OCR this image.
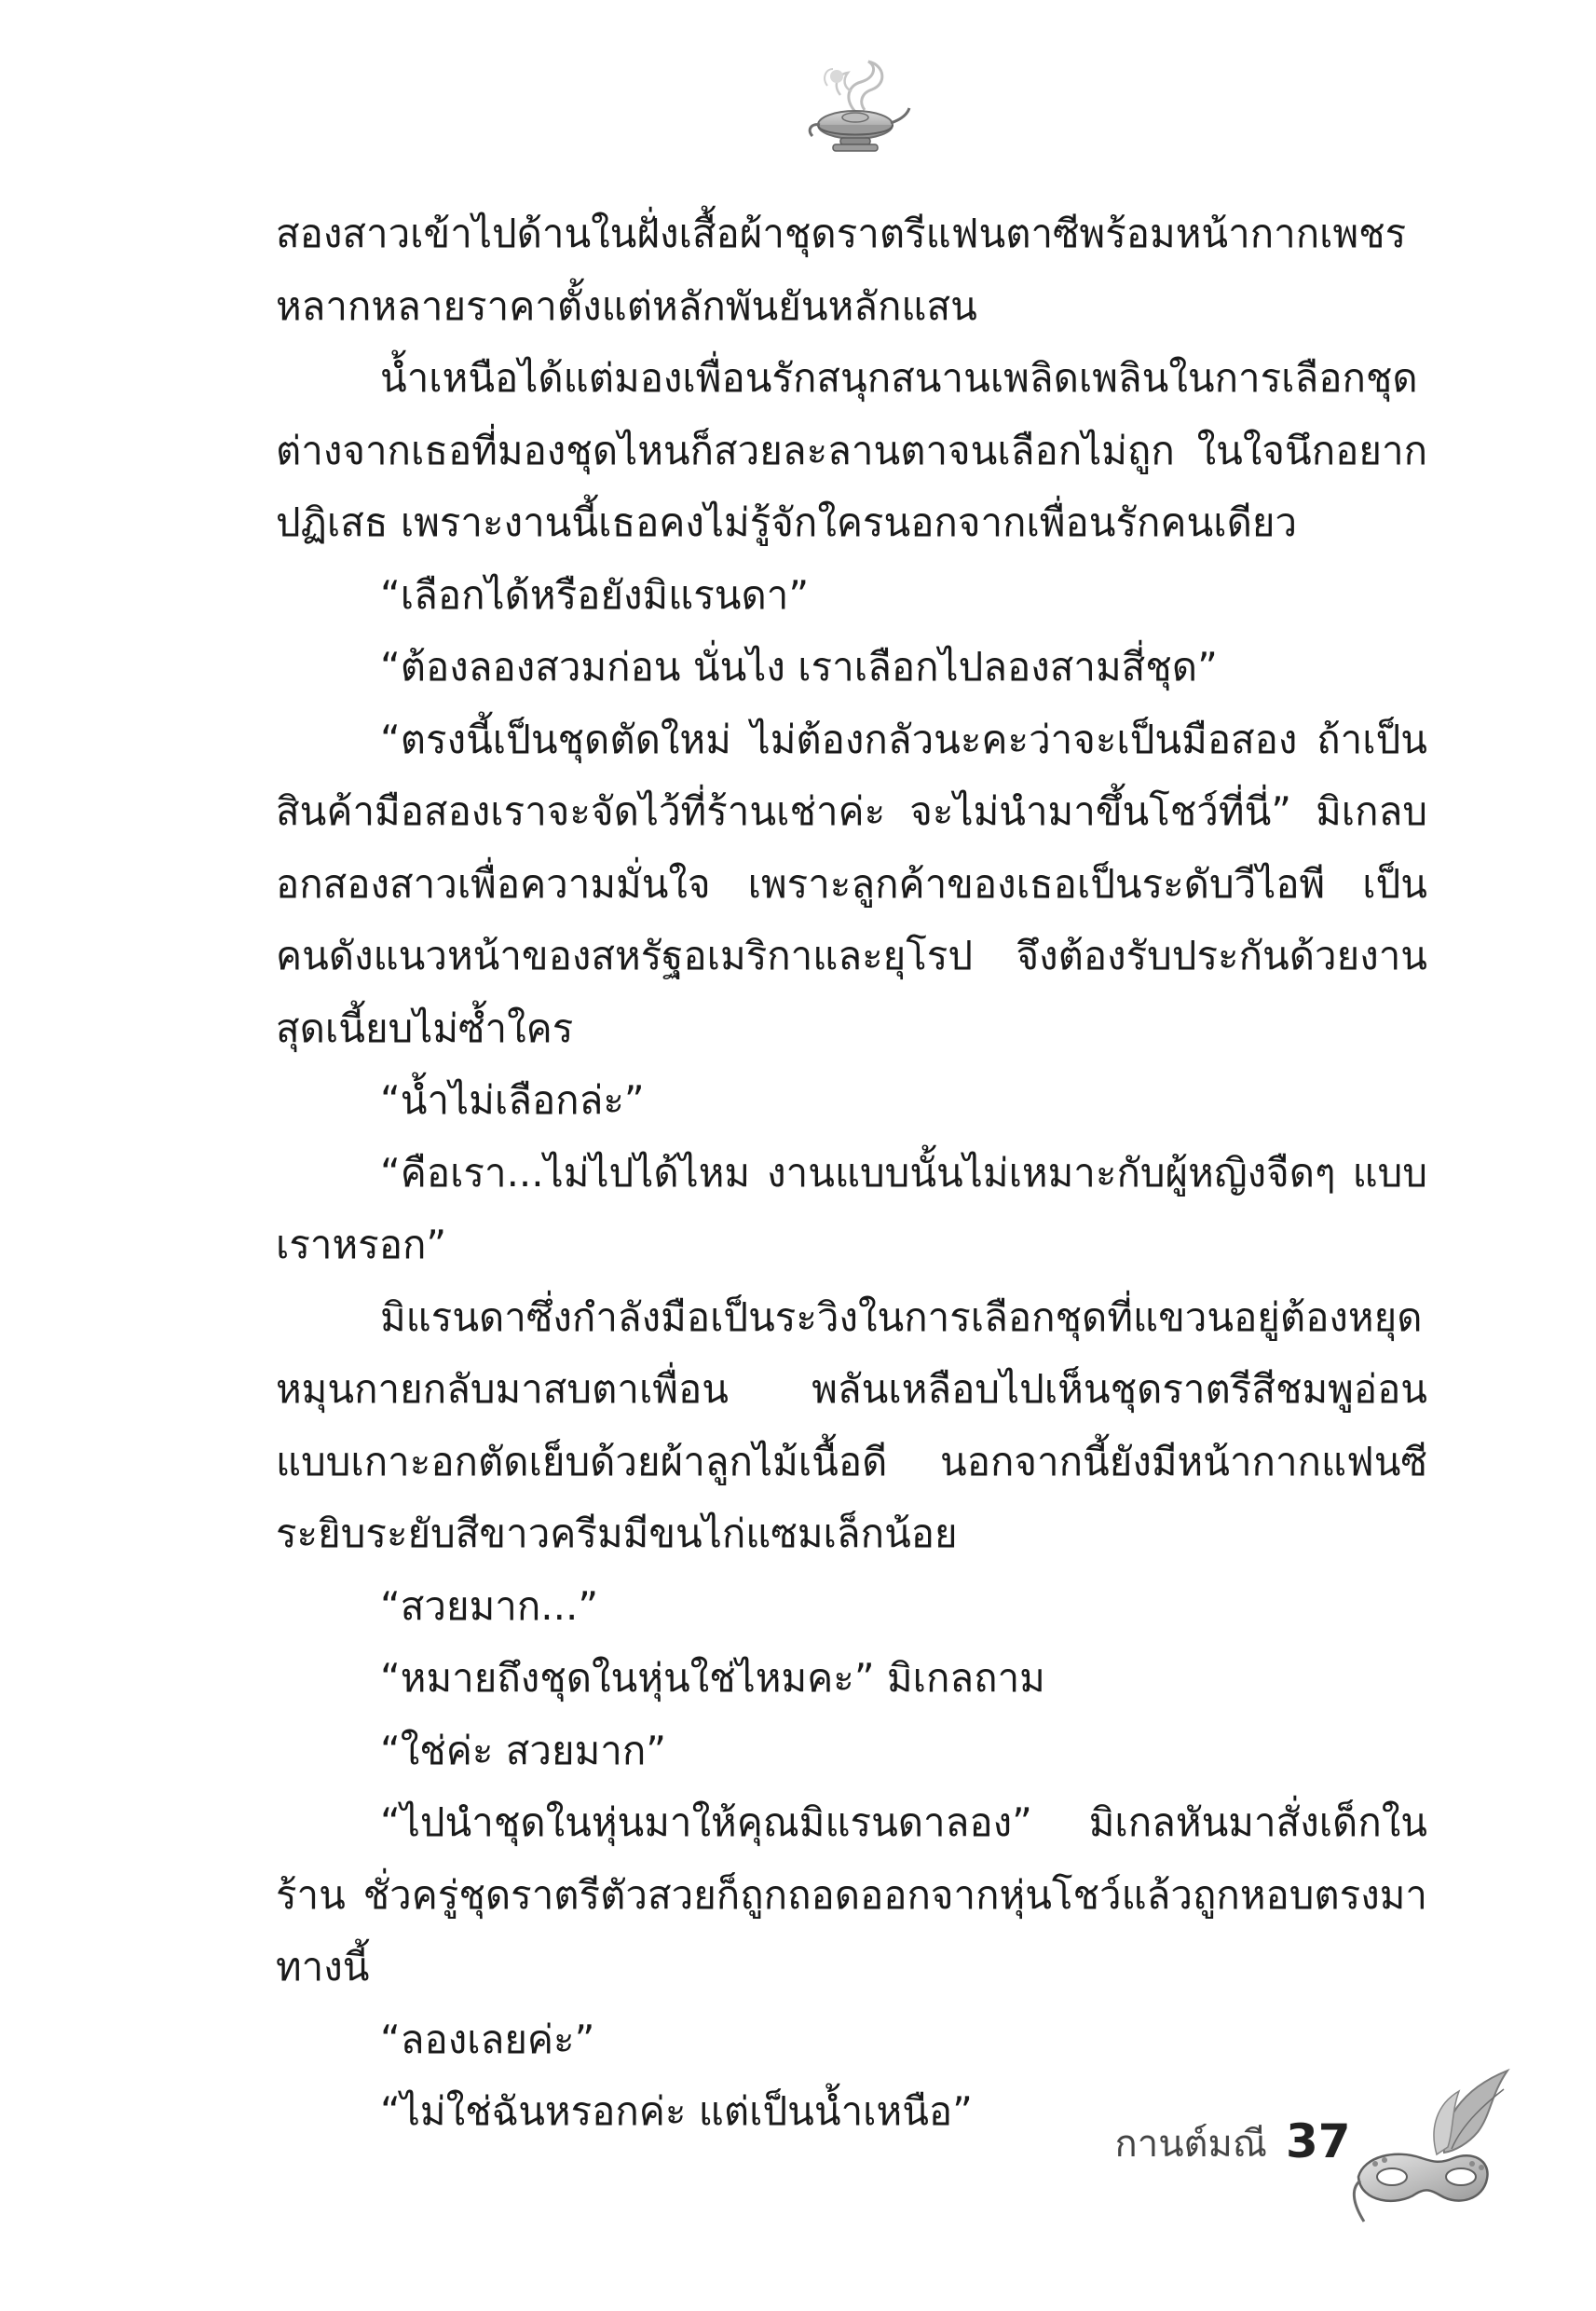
สองสาวเข้าไปด้านในฝั่งเสื้อผ้าชุดราตรีแฟนตาซีพร้อมหน้ากากเพชรหลากหลายราคาตั้งแต่หลักพันยันหลักแสน

น้ำเหนือได้แต่มองเพื่อนรักสนุกสนานเพลิดเพลินในการเลือกชุด ต่างจากเธอที่มองชุดไหนก็สวยละลานตาจนเลือกไม่ถูก ในใจนึกอยากปฏิเสธ เพราะงานนี้เธอคงไม่รู้จักใครนอกจากเพื่อนรักคนเดียว

“เลือกได้หรือยังมิแรนดา”

“ต้องลองสวมก่อน นั่นไง เราเลือกไปลองสามสี่ชุด”

“ตรงนี้เป็นชุดตัดใหม่ ไม่ต้องกลัวนะคะว่าจะเป็นมือสอง ถ้าเป็นสินค้ามือสองเราจะจัดไว้ที่ร้านเช่าค่ะ จะไม่นำมาขึ้นโชว์ที่นี่” มิเกลบอกสองสาวเพื่อความมั่นใจ เพราะลูกค้าของเธอเป็นระดับวีไอพี เป็นคนดังแนวหน้าของสหรัฐอเมริกาและยุโรป จึงต้องรับประกันด้วยงานสุดเนี้ยบไม่ซ้ำใคร

“น้ำไม่เลือกล่ะ”

“คือเรา...ไม่ไปได้ไหม งานแบบนั้นไม่เหมาะกับผู้หญิงจืดๆ แบบเราหรอก”

มิแรนดาซึ่งกำลังมือเป็นระวิงในการเลือกชุดที่แขวนอยู่ต้องหยุดหมุนกายกลับมาสบตาเพื่อน พลันเหลือบไปเห็นชุดราตรีสีชมพูอ่อนแบบเกาะอกตัดเย็บด้วยผ้าลูกไม้เนื้อดี นอกจากนี้ยังมีหน้ากากแฟนซีระยิบระยับสีขาวครีมมีขนไก่แซมเล็กน้อย

“สวยมาก...”

“หมายถึงชุดในหุ่นใช่ไหมคะ” มิเกลถาม

“ใช่ค่ะ สวยมาก”

“ไปนำชุดในหุ่นมาให้คุณมิแรนดาลอง” มิเกลหันมาสั่งเด็กในร้าน ชั่วครู่ชุดราตรีตัวสวยก็ถูกถอดออกจากหุ่นโชว์แล้วถูกหอบตรงมาทางนี้

“ลองเลยค่ะ”

“ไม่ใช่ฉันหรอกค่ะ แต่เป็นน้ำเหนือ”

กานต์มณี 37
